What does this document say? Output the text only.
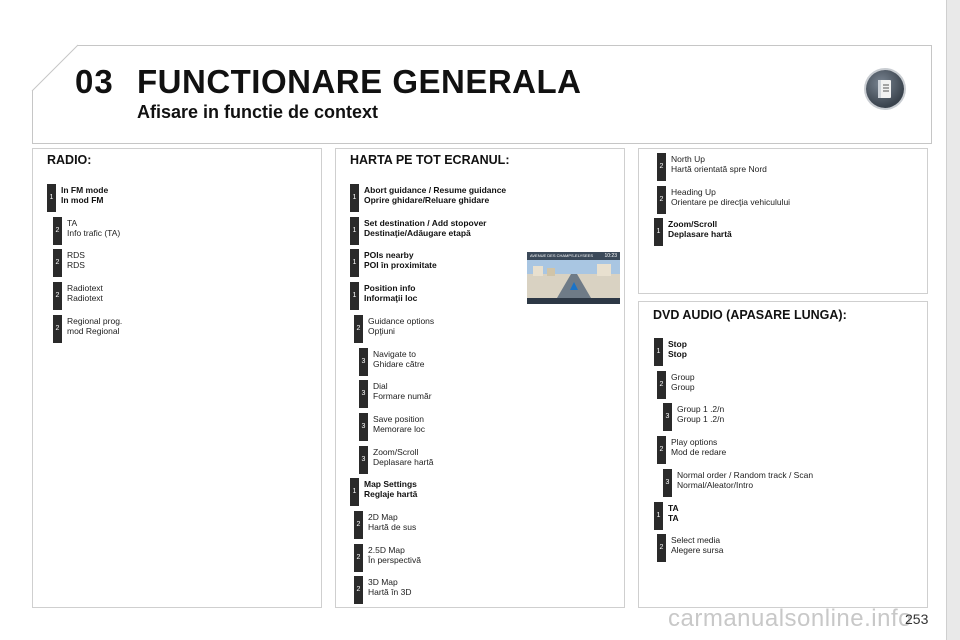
03 FUNCTIONARE GENERALA
Afisare in functie de context
RADIO:	HARTA PE TOT ECRANUL:
DVD AUDIO (APASARE LUNGA):
1
In FM mode
In mod FM
2
TA
Info trafic (TA)
2
RDS
RDS
2
Radiotext
Radiotext
2
Regional prog.
mod Regional
1
Abort guidance / Resume guidance
Oprire ghidare/Reluare ghidare
1
Set destination / Add stopover
Destinaţie/Adăugare etapă
1
POIs nearby
POI în proximitate
1
Position info
Informaţii loc
2
Guidance options
Opţiuni
3
Navigate to
Ghidare către
3
Dial
Formare număr
3
Save position
Memorare loc
3
Zoom/Scroll
Deplasare hartă
1
Map Settings
Reglaje hartă
2
2D Map
Hartă de sus
2
2.5D Map
În perspectivă
2
3D Map
Hartă în 3D
2
North Up
Hartă orientată spre Nord
2
Heading Up
Orientare pe direcţia vehiculului
1
Zoom/Scroll
Deplasare hartă
1
Stop
Stop
2
Group
Group
3
Group 1 .2/n
Group 1 .2/n
2
Play options
Mod de redare
3
Normal order / Random track / Scan
Normal/Aleator/Intro
1
TA
TA
2
Select media
Alegere sursa
AVENUE DES CHAMPS-ELYSEES 10:23
carmanualsonline.info
253
